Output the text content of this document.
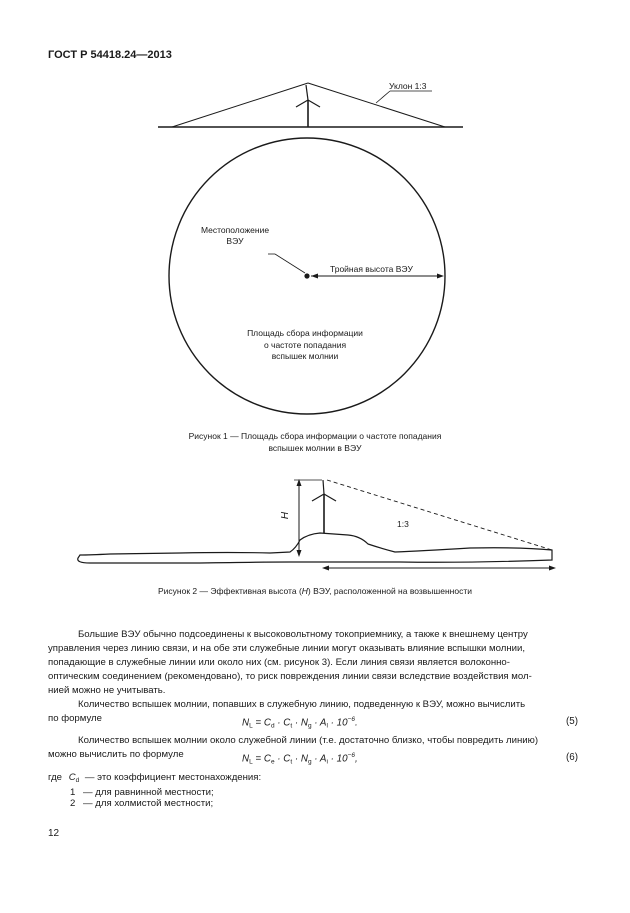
ГОСТ Р 54418.24—2013
Уклон 1:3
Местоположение
ВЭУ
Тройная высота ВЭУ
Площадь сбора информации
о частоте попадания
вспышек молнии
Рисунок 1 — Площадь сбора информации о частоте попадания
вспышек молнии в ВЭУ
H
1:3
Рисунок 2 — Эффективная высота (H) ВЭУ, расположенной на возвышенности
Большие ВЭУ обычно подсоединены к высоковольтному токоприемнику, а также к внешнему центру
управления через линию связи, и на обе эти служебные линии могут оказывать влияние вспышки молнии,
попадающие в служебные линии или около них (см. рисунок 3). Если линия связи является волоконно-
оптическим соединением (рекомендовано), то риск повреждения линии связи вследствие воздействия мол-
нией можно не учитывать.
Количество вспышек молнии, попавших в служебную линию, подведенную к ВЭУ, можно вычислить
по формуле	$N_L = C_d \cdot C_t \cdot N_g \cdot A_l \cdot 10^{-6}$.	(5)
Количество вспышек молнии около служебной линии (т.е. достаточно близко, чтобы повредить линию)
можно вычислить по формуле	$N_L = C_e \cdot C_t \cdot N_g \cdot A_i \cdot 10^{-6}$,	(6)
где $C_d$ — это коэффициент местонахождения:
1 — для равнинной местности;
2 — для холмистой местности;
12
